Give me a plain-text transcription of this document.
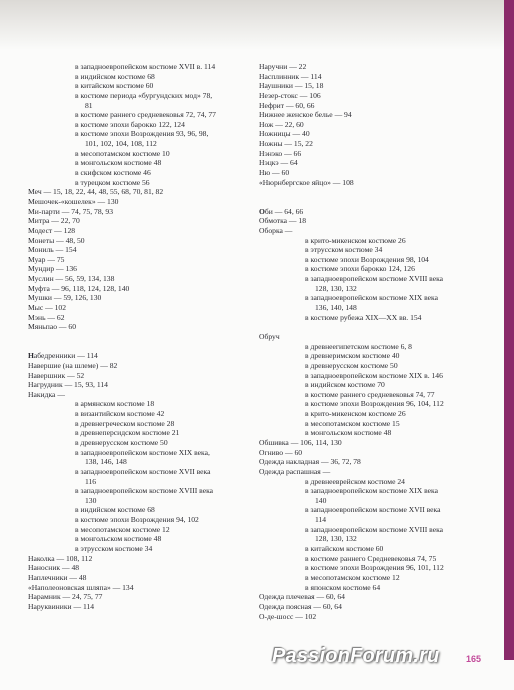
в западноевропейском костюме XVII в. 114
в индийском костюме 68
в китайском костюме 60
в костюме периода «бургундских мод» 78,
81
в костюме раннего средневековья 72, 74, 77
в костюме эпохи барокко 122, 124
в костюме эпохи Возрождения 93, 96, 98,
101, 102, 104, 108, 112
в месопотамском костюме 10
в монгольском костюме 48
в скифском костюме 46
в турецком костюме 56
Меч — 15, 18, 22, 44, 48, 55, 68, 70, 81, 82
Мешочек-«кошелек» — 130
Ми-парти — 74, 75, 78, 93
Митра — 22, 70
Модест — 128
Монеты — 48, 50
Мониль — 154
Муар — 75
Мундир — 136
Муслин — 56, 59, 134, 138
Муфта — 96, 118, 124, 128, 140
Мушки — 59, 126, 130
Мыс — 102
Мэнь — 62
Мяньпао — 60
Набедренники — 114
Навершие (на шлеме) — 82
Навершник — 52
Нагрудник — 15, 93, 114
Накидка —
в армянском костюме 18
в византийском костюме 42
в древнегреческом костюме 28
в древнеперсидском костюме 21
в древнерусском костюме 50
в западноевропейском костюме XIX века,
138, 146, 148
в западноевропейском костюме XVII века
116
в западноевропейском костюме XVIII века
130
в индийском костюме 68
в костюме эпохи Возрождения 94, 102
в месопотамском костюме 12
в монгольском костюме 48
в этрусском костюме 34
Наколка — 108, 112
Наносник — 48
Наплечники — 48
«Наполеоновская шляпа» — 134
Нарамник — 24, 75, 77
Наруквиники — 114
Наручни — 22
Насплинник — 114
Наушники — 15, 18
Незер-стокс — 106
Нефрит — 60, 66
Нижнее женское белье — 94
Нож — 22, 60
Ножницы — 40
Ножны — 15, 22
Нэнэко — 66
Нэцкэ — 64
Ню — 60
«Нюрнбергское яйцо» — 108
Оби — 64, 66
Обмотка — 18
Оборка —
в крито-микенском костюме 26
в этрусском костюме 34
в костюме эпохи Возрождения 98, 104
в костюме эпохи барокко 124, 126
в западноевропейском костюме XVIII века
128, 130, 132
в западноевропейском костюме XIX века
136, 140, 148
в костюме рубежа XIX—XX вв. 154
Обруч
в древнеегипетском костюме 6, 8
в древнеримском костюме 40
в древнерусском костюме 50
в западноевропейском костюме XIX в. 146
в индийском костюме 70
в костюме раннего средневековья 74, 77
в костюме эпохи Возрождения 96, 104, 112
в крито-микенском костюме 26
в месопотамском костюме 15
в монгольском костюме 48
Обшивка — 106, 114, 130
Огниво — 60
Одежда накладная — 36, 72, 78
Одежда распашная —
в древнееврейском костюме 24
в западноевропейском костюме XIX века
140
в западноевропейском костюме XVII века
114
в западноевропейском костюме XVIII века
128, 130, 132
в китайском костюме 60
в костюме раннего Средневековья 74, 75
в костюме эпохи Возрождения 96, 101, 112
в месопотамском костюме 12
в японском костюме 64
Одежда плечевая — 60, 64
Одежда поясная — 60, 64
О-де-шосс — 102
165
PassionForum.ru
